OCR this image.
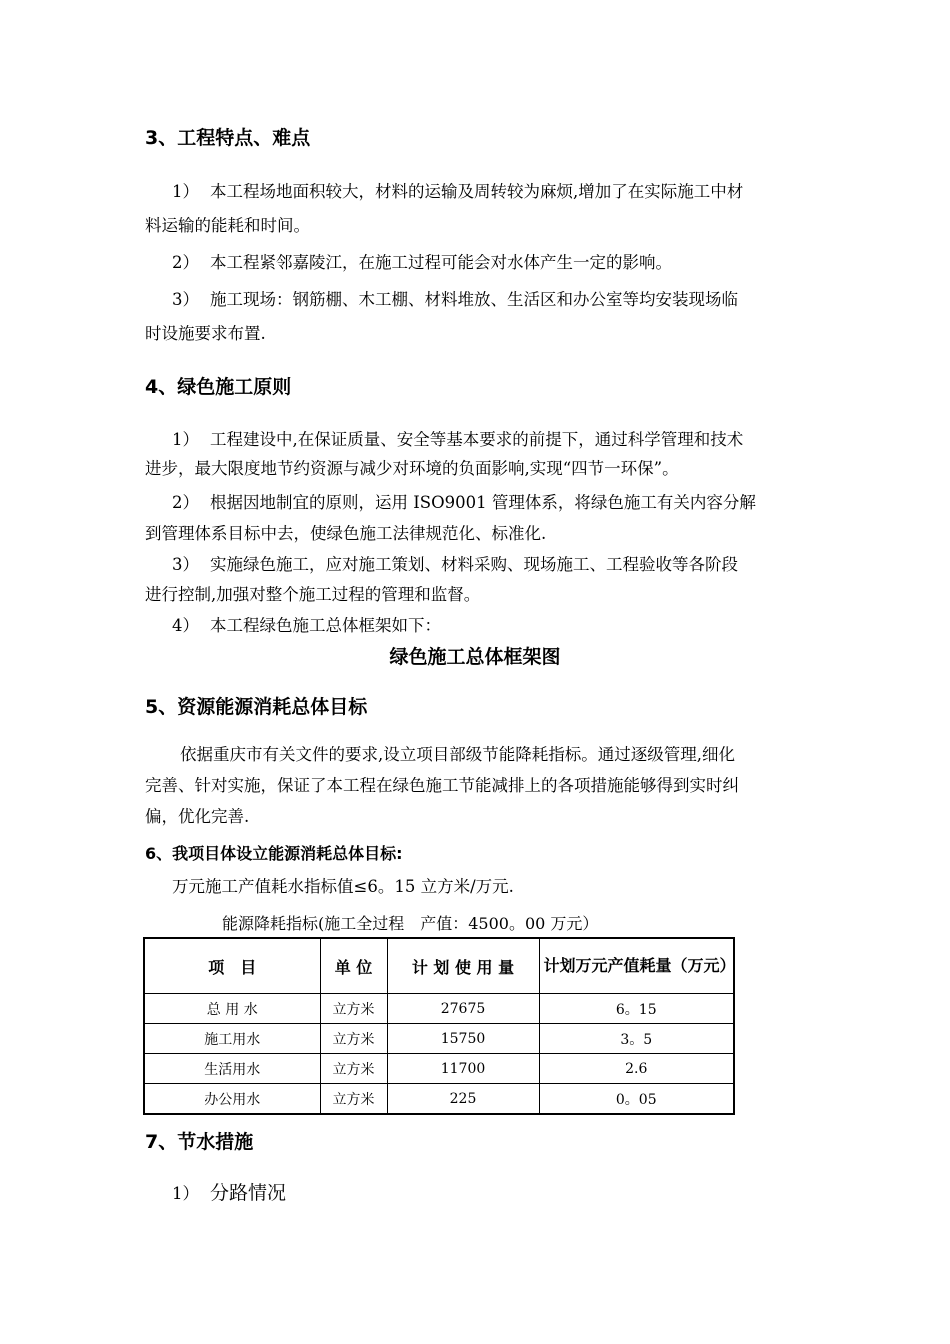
3、工程特点、难点
1） 本工程场地面积较大，材料的运输及周转较为麻烦,增加了在实际施工中材
料运输的能耗和时间。
2） 本工程紧邻嘉陵江，在施工过程可能会对水体产生一定的影响。
3） 施工现场：钢筋棚、木工棚、材料堆放、生活区和办公室等均安装现场临
时设施要求布置.
4、绿色施工原则
1） 工程建设中,在保证质量、安全等基本要求的前提下，通过科学管理和技术
进步，最大限度地节约资源与减少对环境的负面影响,实现“四节一环保”。
2） 根据因地制宜的原则，运用 ISO9001 管理体系，将绿色施工有关内容分解
到管理体系目标中去，使绿色施工法律规范化、标准化.
3） 实施绿色施工，应对施工策划、材料采购、现场施工、工程验收等各阶段
进行控制,加强对整个施工过程的管理和监督。
4） 本工程绿色施工总体框架如下：
绿色施工总体框架图
5、资源能源消耗总体目标
依据重庆市有关文件的要求,设立项目部级节能降耗指标。通过逐级管理,细化
完善、针对实施，保证了本工程在绿色施工节能减排上的各项措施能够得到实时纠
偏，优化完善.
6、我项目体设立能源消耗总体目标:
万元施工产值耗水指标值≤6。15 立方米/万元.
能源降耗指标(施工全过程　产值：4500。00 万元）
项　目	单 位	计 划 使 用 量	计划万元产值耗量（万元）
总 用 水	立方米	27675	6。15
施工用水	立方米	15750	3。5
生活用水	立方米	11700	2.6
办公用水	立方米	225	0。05
7、节水措施
1） 分路情况
